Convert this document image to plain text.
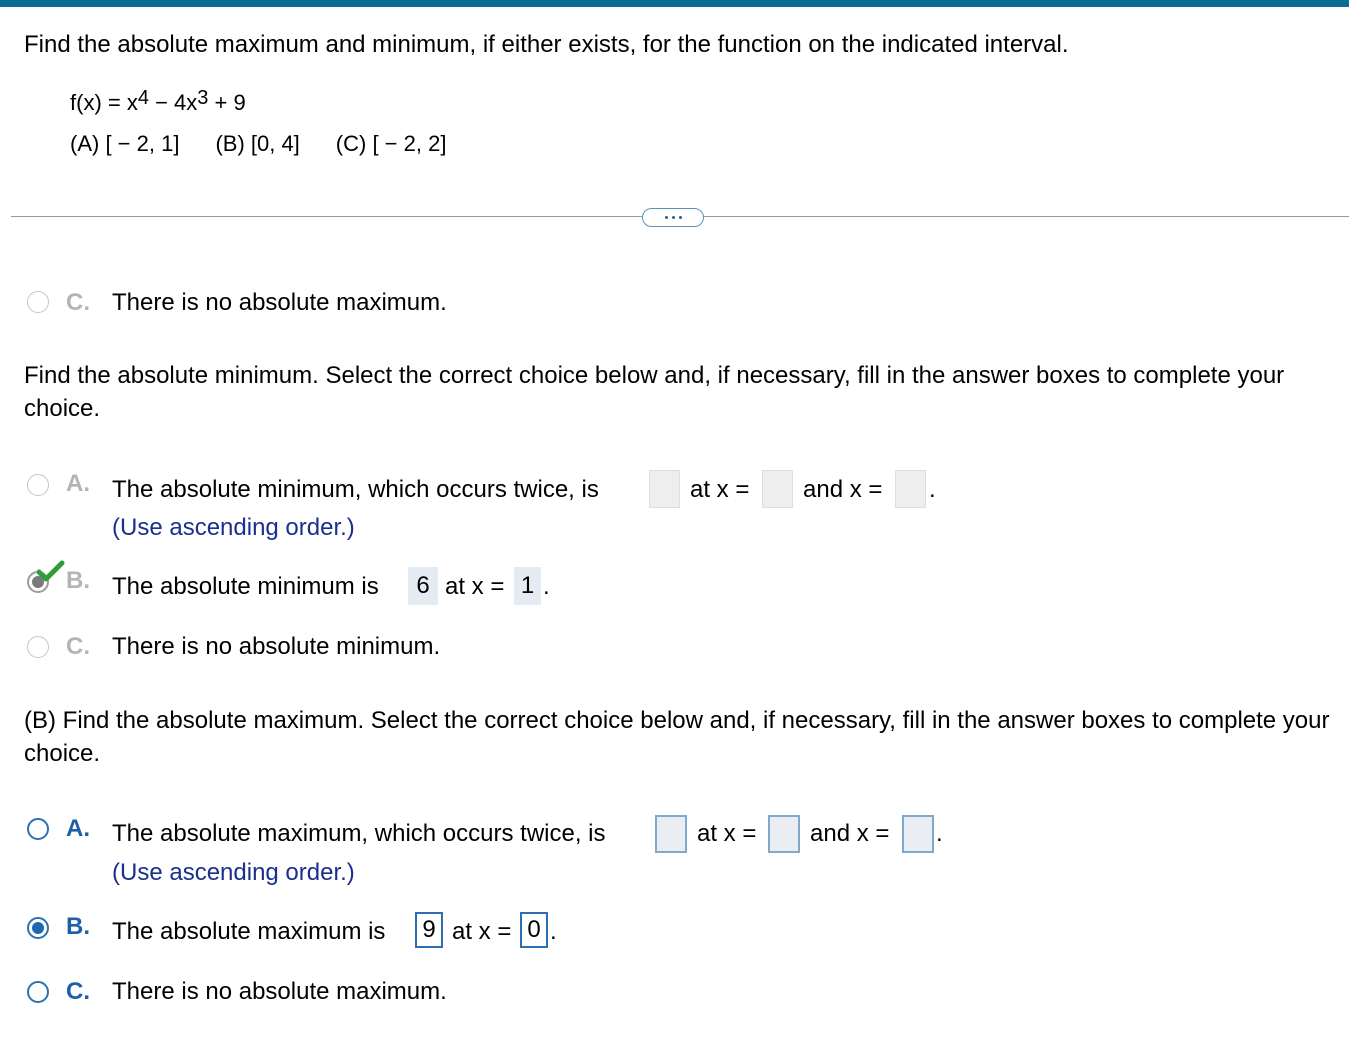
Find the absolute maximum and minimum, if either exists, for the function on the indicated interval.
$f(x) = x^4 - 4x^3 + 9$
(A) [ − 2, 1] (B) [0, 4] (C) [ − 2, 2]
C. There is no absolute maximum.
Find the absolute minimum. Select the correct choice below and, if necessary, fill in the answer boxes to complete your choice.
A. The absolute minimum, which occurs twice, is	at x = and x = .
(Use ascending order.)
B. The absolute minimum is	6 at x = 1 .
C. There is no absolute minimum.
(B) Find the absolute maximum. Select the correct choice below and, if necessary, fill in the answer boxes to complete your choice.
A. The absolute maximum, which occurs twice, is	at x = and x = .
(Use ascending order.)
B. The absolute maximum is	9 at x = 0 .
C. There is no absolute maximum.
